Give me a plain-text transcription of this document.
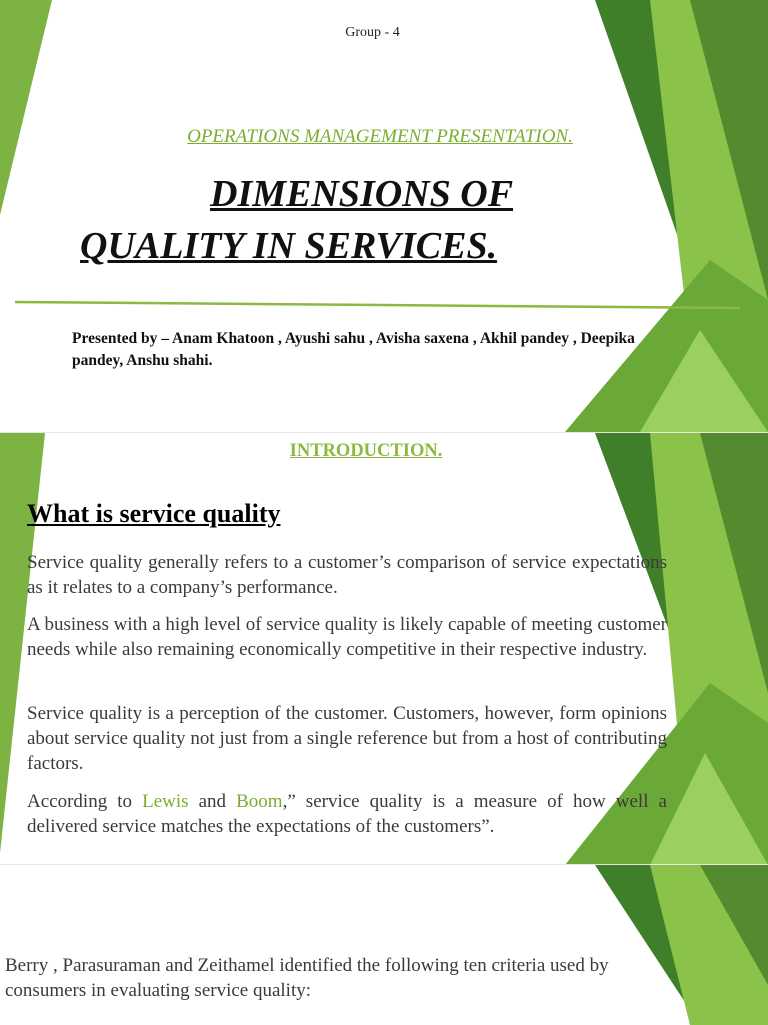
Group - 4

OPERATIONS MANAGEMENT PRESENTATION.

DIMENSIONS OF

QUALITY IN SERVICES.

Presented by – Anam Khatoon , Ayushi sahu , Avisha saxena , Akhil pandey , Deepika pandey, Anshu shahi.

INTRODUCTION.

What is service quality

Service quality generally refers to a customer’s comparison of service expectations as it relates to a company’s performance.

A business with a high level of service quality is likely capable of meeting customer needs while also remaining economically competitive in their respective industry.

Service quality is a perception of the customer. Customers, however, form opinions about service quality not just from a single reference but from a host of contributing factors.

According to Lewis and Boom,” service quality is a measure of how well a delivered service matches the expectations of the customers”.

Berry , Parasuraman and Zeithamel identified the following ten criteria used by consumers in evaluating service quality:
